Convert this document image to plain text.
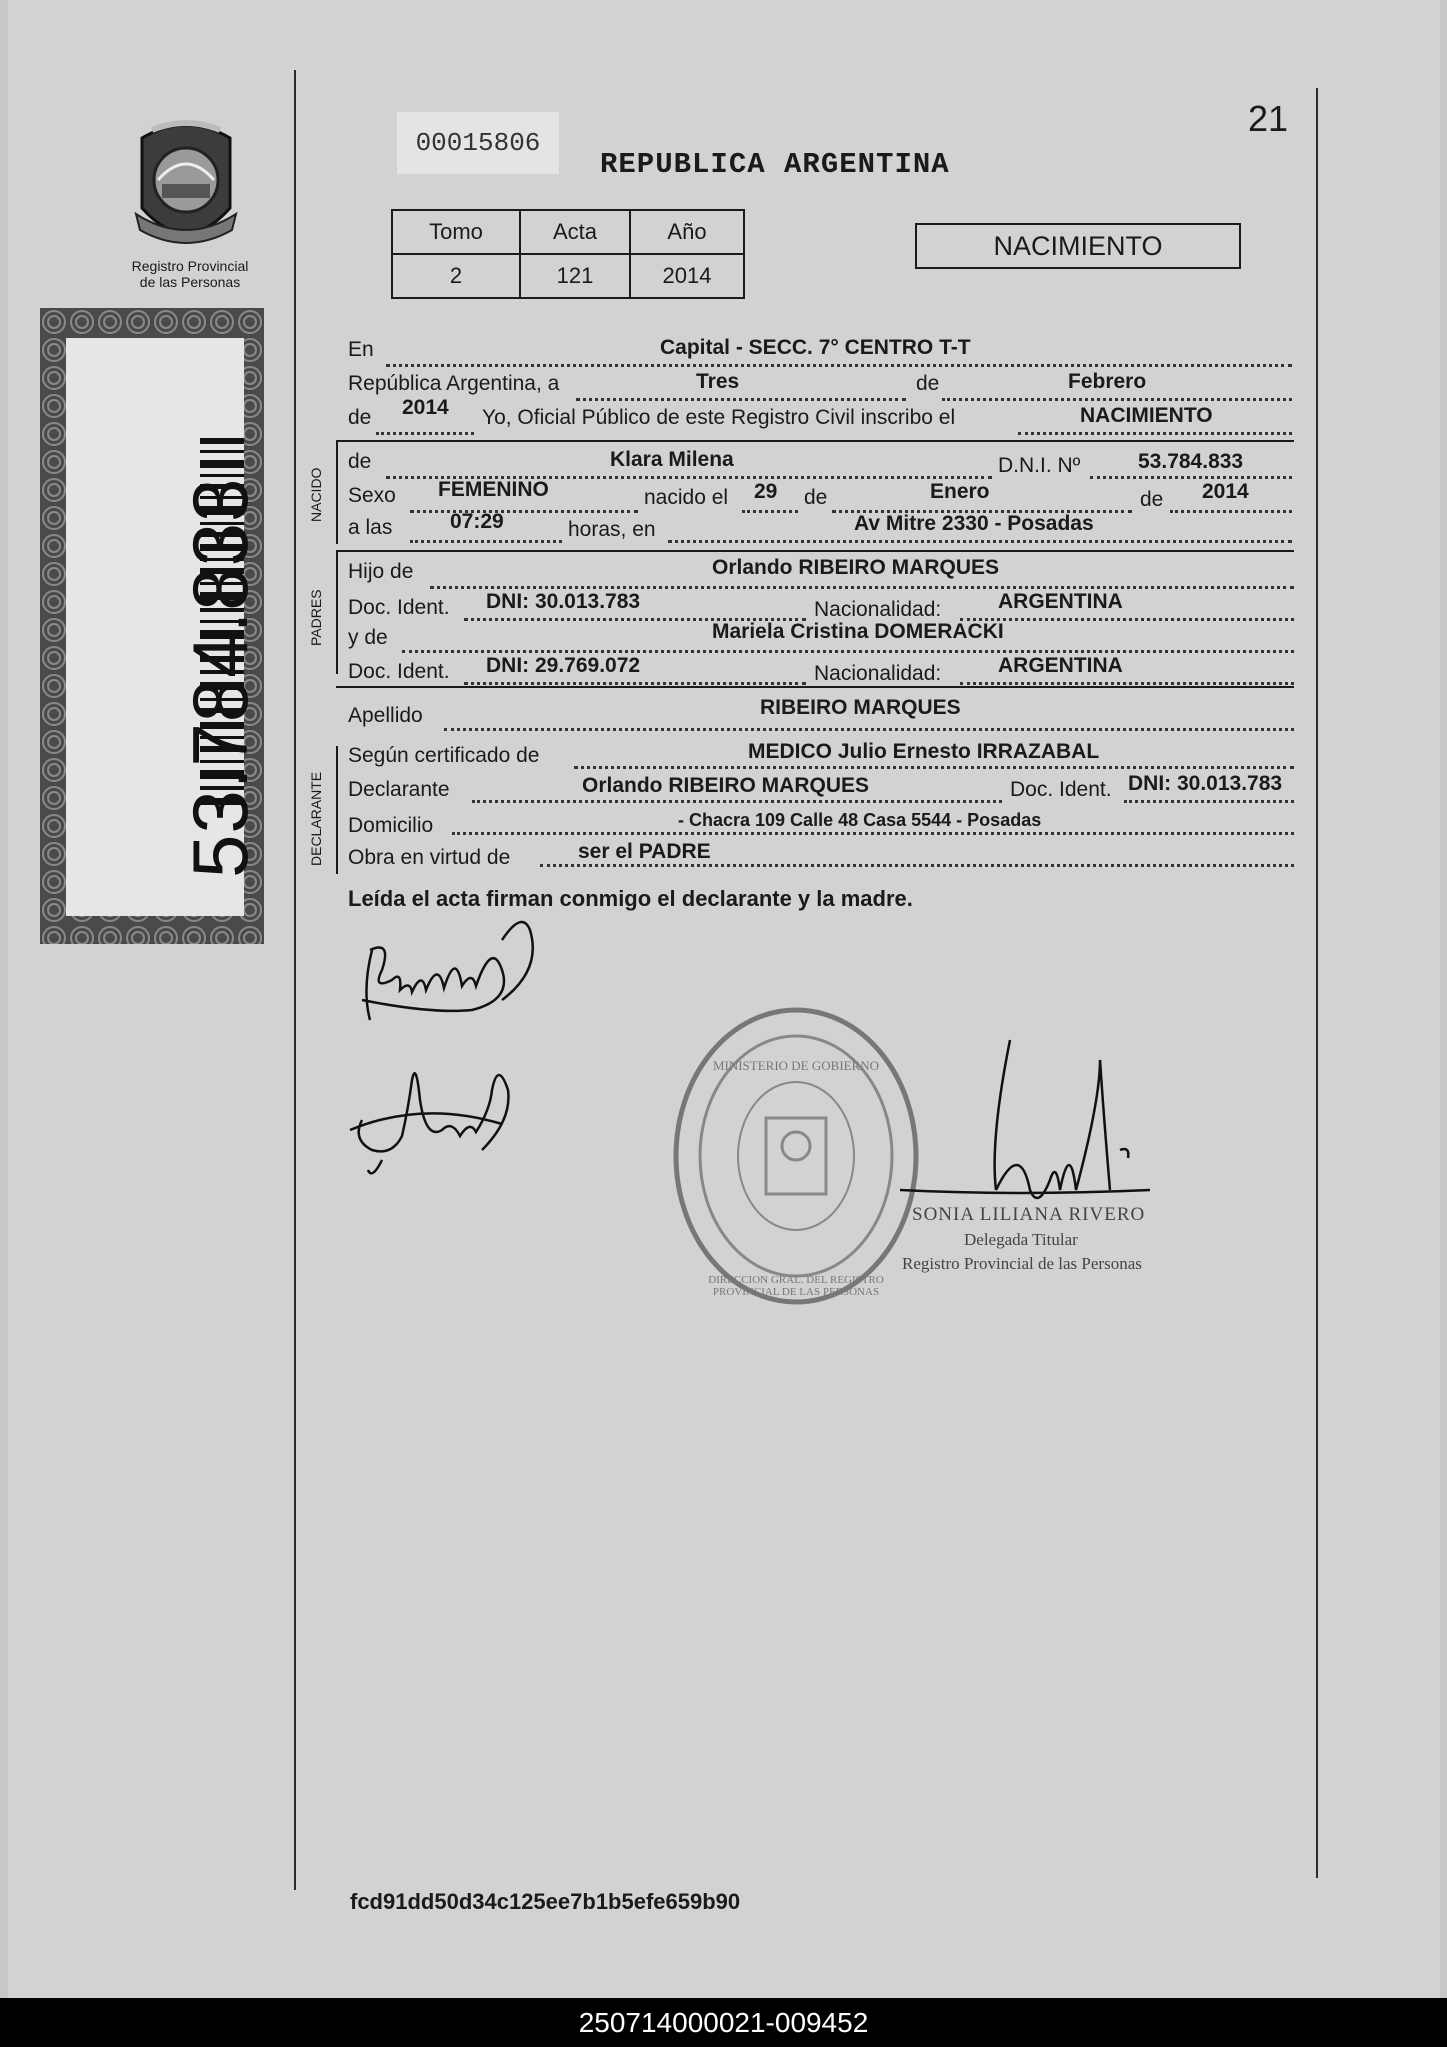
Registro Provincial
de las Personas
53.784.833
00015806
REPUBLICA ARGENTINA
21
Tomo	Acta	Año
2	121	2014
NACIMIENTO
En	Capital - SECC. 7° CENTRO T-T
República Argentina, a	Tres	de	Febrero
de 2014 Yo, Oficial Público de este Registro Civil inscribo el	NACIMIENTO
NACIDO
de	Klara Milena	D.N.I. Nº	53.784.833
Sexo FEMENINO	nacido el 29 de	Enero	de 2014
a las	07:29	horas, en	Av Mitre 2330 - Posadas
PADRES
Hijo de	Orlando RIBEIRO MARQUES
Doc. Ident. DNI: 30.013.783	Nacionalidad:	ARGENTINA
y de	Mariela Cristina DOMERACKI
Doc. Ident. DNI: 29.769.072	Nacionalidad:	ARGENTINA
Apellido	RIBEIRO MARQUES
DECLARANTE
Según certificado de	MEDICO Julio Ernesto IRRAZABAL
Declarante	Orlando RIBEIRO MARQUES	Doc. Ident. DNI: 30.013.783
Domicilio	- Chacra 109 Calle 48 Casa 5544 - Posadas
Obra en virtud de	ser el PADRE
Leída el acta firman conmigo el declarante y la madre.
MINISTERIO DE GOBIERNO
DIRECCION GRAL. DEL REGISTRO PROVINCIAL DE LAS PERSONAS
SONIA LILIANA RIVERO
Delegada Titular
Registro Provincial de las Personas
fcd91dd50d34c125ee7b1b5efe659b90
250714000021-009452
